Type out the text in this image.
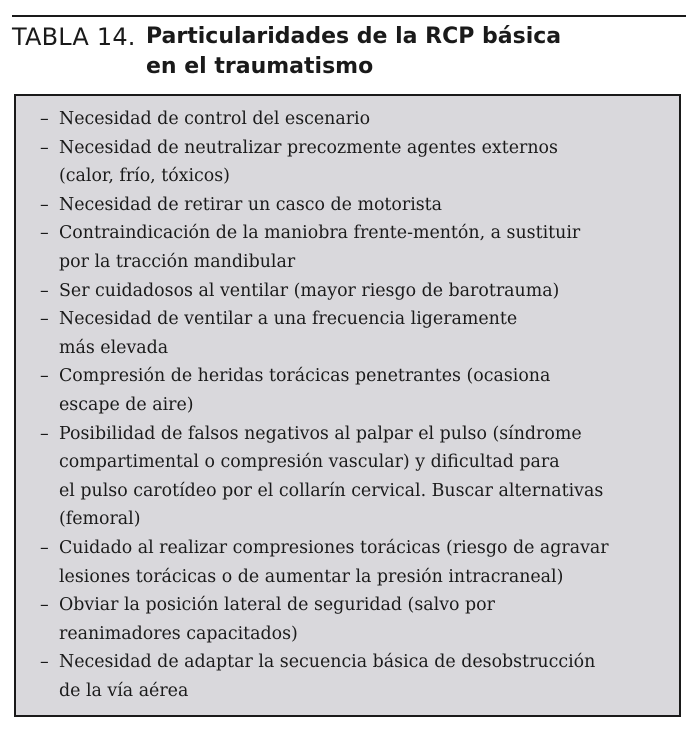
TABLA 14. Particularidades de la RCP básica
en el traumatismo
– Necesidad de control del escenario
– Necesidad de neutralizar precozmente agentes externos
(calor, frío, tóxicos)
– Necesidad de retirar un casco de motorista
– Contraindicación de la maniobra frente-mentón, a sustituir
por la tracción mandibular
– Ser cuidadosos al ventilar (mayor riesgo de barotrauma)
– Necesidad de ventilar a una frecuencia ligeramente
más elevada
– Compresión de heridas torácicas penetrantes (ocasiona
escape de aire)
– Posibilidad de falsos negativos al palpar el pulso (síndrome
compartimental o compresión vascular) y dificultad para
el pulso carotídeo por el collarín cervical. Buscar alternativas
(femoral)
– Cuidado al realizar compresiones torácicas (riesgo de agravar
lesiones torácicas o de aumentar la presión intracraneal)
– Obviar la posición lateral de seguridad (salvo por
reanimadores capacitados)
– Necesidad de adaptar la secuencia básica de desobstrucción
de la vía aérea
